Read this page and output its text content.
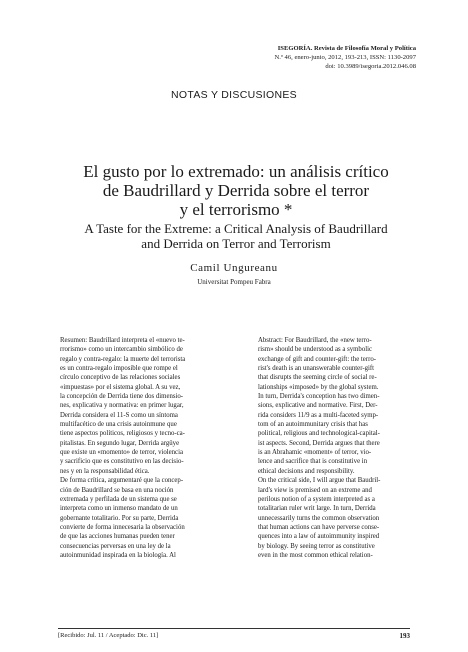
ISEGORÍA. Revista de Filosofía Moral y Política
N.º 46, enero-junio, 2012, 193-213, ISSN: 1130-2097
doi: 10.3989/isegoria.2012.046.08
NOTAS Y DISCUSIONES
El gusto por lo extremado: un análisis crítico
de Baudrillard y Derrida sobre el terror
y el terrorismo *
A Taste for the Extreme: a Critical Analysis of Baudrillard
and Derrida on Terror and Terrorism
Camil Ungureanu
Universitat Pompeu Fabra
Resumen: Baudrillard interpreta el «nuevo te-
rrorismo» como un intercambio simbólico de
regalo y contra-regalo: la muerte del terrorista
es un contra-regalo imposible que rompe el
círculo conceptivo de las relaciones sociales
«impuestas» por el sistema global. A su vez,
la concepción de Derrida tiene dos dimensio-
nes, explicativa y normativa: en primer lugar,
Derrida considera el 11-S como un síntoma
multifacético de una crisis autoinmune que
tiene aspectos políticos, religiosos y tecno-ca-
pitalistas. En segundo lugar, Derrida argüye
que existe un «momento» de terror, violencia
y sacrificio que es constitutivo en las decisio-
nes y en la responsabilidad ética.
De forma crítica, argumentaré que la concep-
ción de Baudrillard se basa en una noción
extremada y perfilada de un sistema que se
interpreta como un inmenso mandato de un
gobernante totalitario. Por su parte, Derrida
convierte de forma innecesaria la observación
de que las acciones humanas pueden tener
consecuencias perversas en una ley de la
autoinmunidad inspirada en la biología. Al
Abstract: For Baudrillard, the «new terro-
rism» should be understood as a symbolic
exchange of gift and counter-gift: the terro-
rist's death is an unanswerable counter-gift
that disrupts the seeming circle of social re-
lationships «imposed» by the global system.
In turn, Derrida's conception has two dimen-
sions, explicative and normative. First, Der-
rida considers 11/9 as a multi-faceted symp-
tom of an autoimmunitary crisis that has
political, religious and technological-capital-
ist aspects. Second, Derrida argues that there
is an Abrahamic «moment» of terror, vio-
lence and sacrifice that is constitutive in
ethical decisions and responsibility.
On the critical side, I will argue that Baudril-
lard's view is premised on an extreme and
perilous notion of a system interpreted as a
totalitarian ruler writ large. In turn, Derrida
unnecessarily turns the common observation
that human actions can have perverse conse-
quences into a law of autoimmunity inspired
by biology. By seeing terror as constitutive
even in the most common ethical relation-
[Recibido: Jul. 11 / Aceptado: Dic. 11]	193
